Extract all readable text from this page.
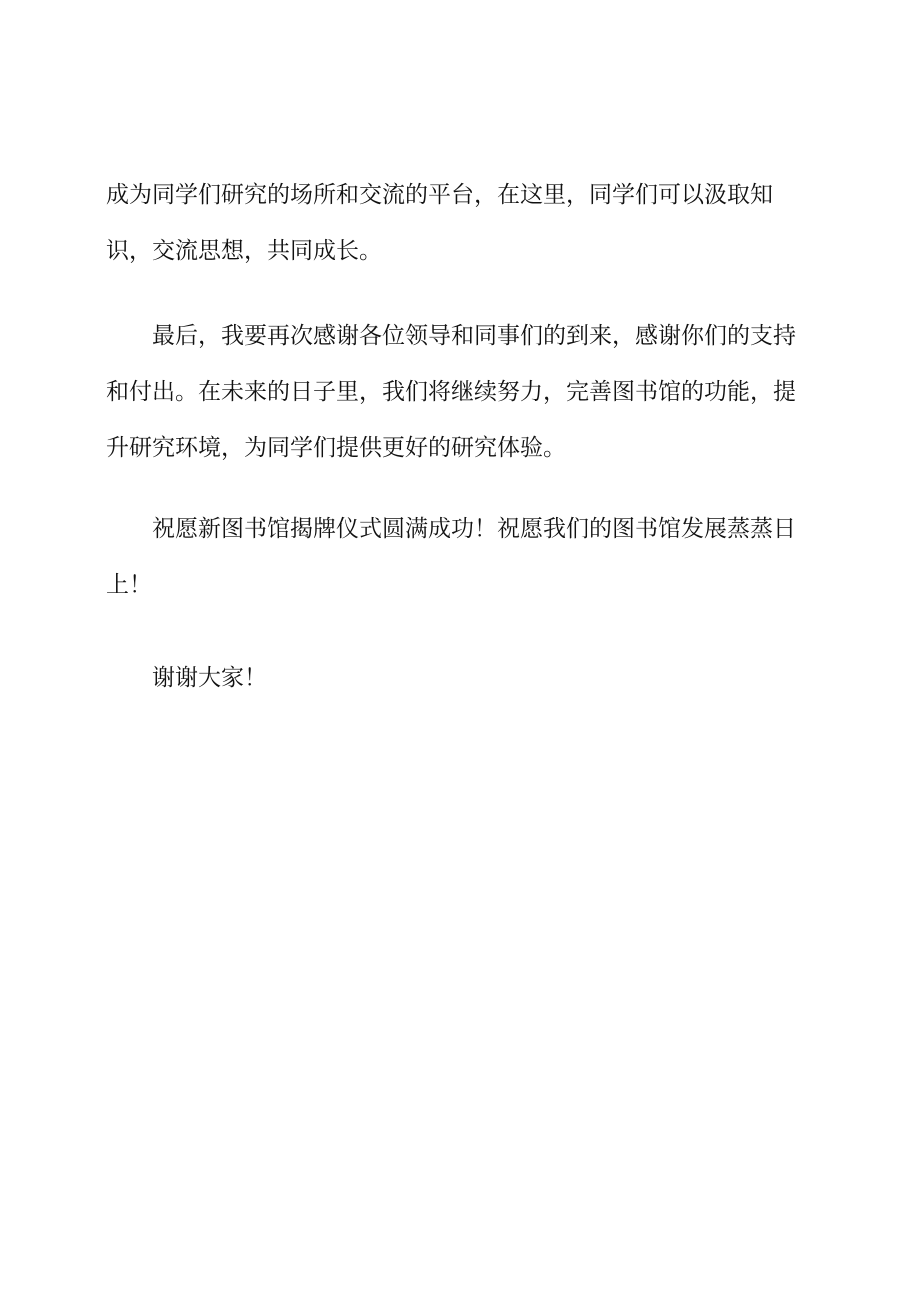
成为同学们研究的场所和交流的平台，在这里，同学们可以汲取知识，交流思想，共同成长。

最后，我要再次感谢各位领导和同事们的到来，感谢你们的支持和付出。在未来的日子里，我们将继续努力，完善图书馆的功能，提升研究环境，为同学们提供更好的研究体验。

祝愿新图书馆揭牌仪式圆满成功！祝愿我们的图书馆发展蒸蒸日上！

谢谢大家！
